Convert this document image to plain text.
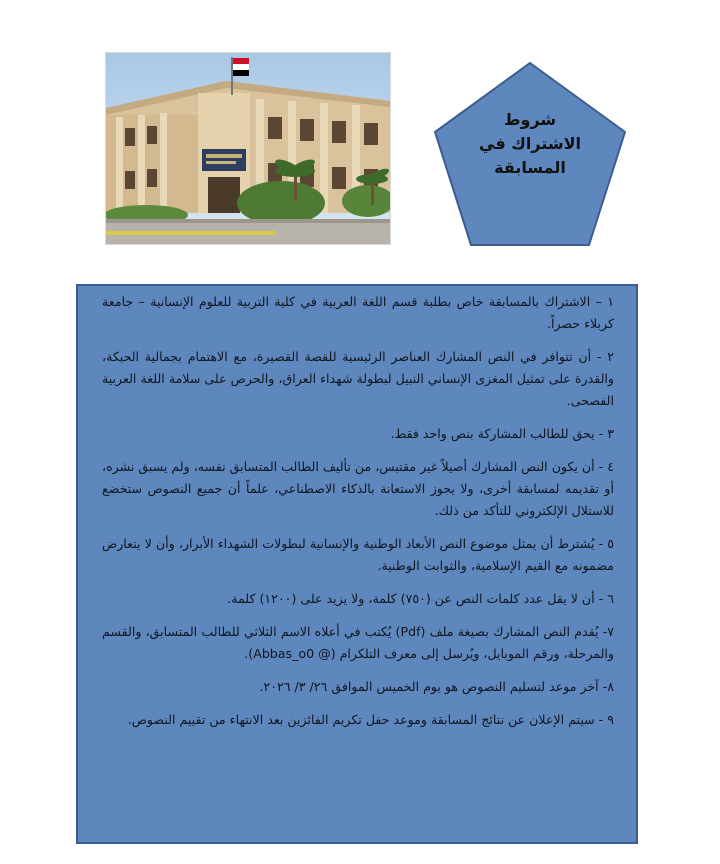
شروط
الاشتراك في
المسابقة

١ – الاشتراك بالمسابقة خاص بطلبة قسم اللغة العربية في كلية التربية للعلوم الإنسانية – جامعة كربلاء حصراً.

٢ - أن تتوافر في النص المشارك العناصر الرئيسية للقصة القصيرة، مع الاهتمام بجمالية الحبكة، والقدرة على تمثيل المغزى الإنساني النبيل لبطولة شهداء العراق، والحرص على سلامة اللغة العربية الفصحى.

٣ - يحق للطالب المشاركة بنص واحد فقط.

٤ - أن يكون النص المشارك أصيلاً غير مقتبس، من تأليف الطالب المتسابق نفسه، ولم يسبق نشره، أو تقديمه لمسابقة أخرى، ولا يجوز الاستعانة بالذكاء الاصطناعي، علماً أن جميع النصوص ستخضع للاستلال الإلكتروني للتأكد من ذلك.

٥ - يُشترط أن يمثل موضوع النص الأبعاد الوطنية والإنسانية لبطولات الشهداء الأبرار، وأن لا يتعارض مضمونه مع القيم الإسلامية، والثوابت الوطنية.

٦ - أن لا يقل عدد كلمات النص عن (٧٥٠) كلمة، ولا يزيد على (١٢٠٠) كلمة.

٧- يُقدم النص المشارك بصيغة ملف (Pdf) يُكتب في أعلاه الاسم الثلاثي للطالب المتسابق، والقسم والمرحلة، ورقم الموبايل، ويُرسل إلى معرف التلكرام (@ Abbas_o0).

٨- آخر موعد لتسليم النصوص هو يوم الخميس الموافق ٢٦/ ٣/ ٢٠٢٦.

٩ - سيتم الإعلان عن نتائج المسابقة وموعد حفل تكريم الفائزين بعد الانتهاء من تقييم النصوص.
